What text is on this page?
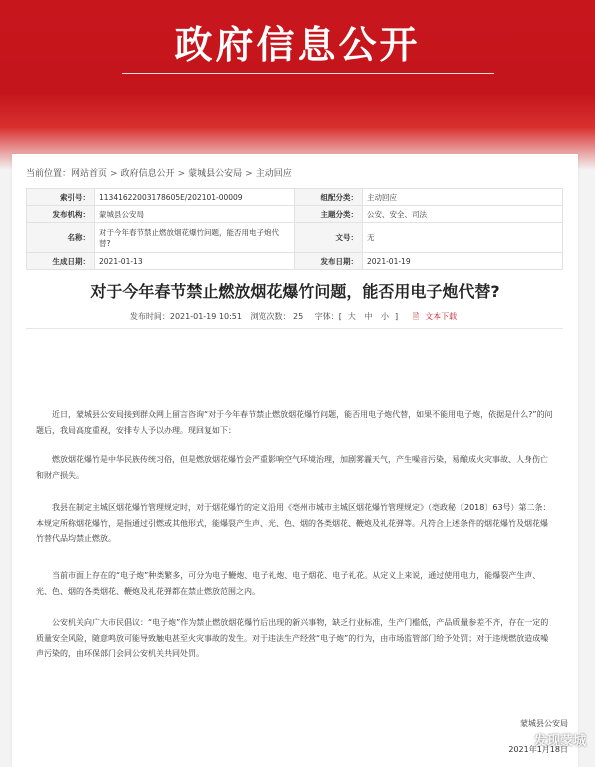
政府信息公开
当前位置：网站首页 > 政府信息公开 > 蒙城县公安局 > 主动回应
索引号：	11341622003178605E/202101-00009	组配分类：	主动回应
发布机构：	蒙城县公安局	主题分类：	公安、安全、司法
名称：	对于今年春节禁止燃放烟花爆竹问题，能否用电子炮代替?	文号：	无
生成日期：	2021-01-13	发布日期：	2021-01-19
对于今年春节禁止燃放烟花爆竹问题，能否用电子炮代替?
发布时间：2021-01-19 10:51 浏览次数： 25 字体：[ 大 中 小 ] 🗎 文本下载
近日，蒙城县公安局接到群众网上留言咨询“对于今年春节禁止燃放烟花爆竹问题，能否用电子炮代替，如果不能用电子炮，依据是什么?”的问题后，我局高度重视，安排专人予以办理。现回复如下：
燃放烟花爆竹是中华民族传统习俗，但是燃放烟花爆竹会严重影响空气环境治理，加剧雾霾天气，产生噪音污染，易酿成火灾事故、人身伤亡和财产损失。
我县在制定主城区烟花爆竹管理规定时，对于烟花爆竹的定义沿用《亳州市城市主城区烟花爆竹管理规定》（亳政秘〔2018〕63号）第二条：本规定所称烟花爆竹，是指通过引燃或其他形式，能爆裂产生声、光、色、烟的各类烟花、鞭炮及礼花弹等。凡符合上述条件的烟花爆竹及烟花爆竹替代品均禁止燃放。
当前市面上存在的“电子炮”种类繁多，可分为电子鞭炮、电子礼炮、电子烟花、电子礼花。从定义上来说，通过使用电力，能爆裂产生声、光、色、烟的各类烟花、鞭炮及礼花弹都在禁止燃放范围之内。
公安机关向广大市民倡议：“电子炮”作为禁止燃放烟花爆竹后出现的新兴事物，缺乏行业标准，生产门槛低，产品质量参差不齐，存在一定的质量安全风险，随意鸣放可能导致触电甚至火灾事故的发生。对于违法生产经营“电子炮”的行为，由市场监管部门给予处罚；对于违规燃放造成噪声污染的，由环保部门会同公安机关共同处罚。
蒙城县公安局
2021年1月18日
发现蒙城
